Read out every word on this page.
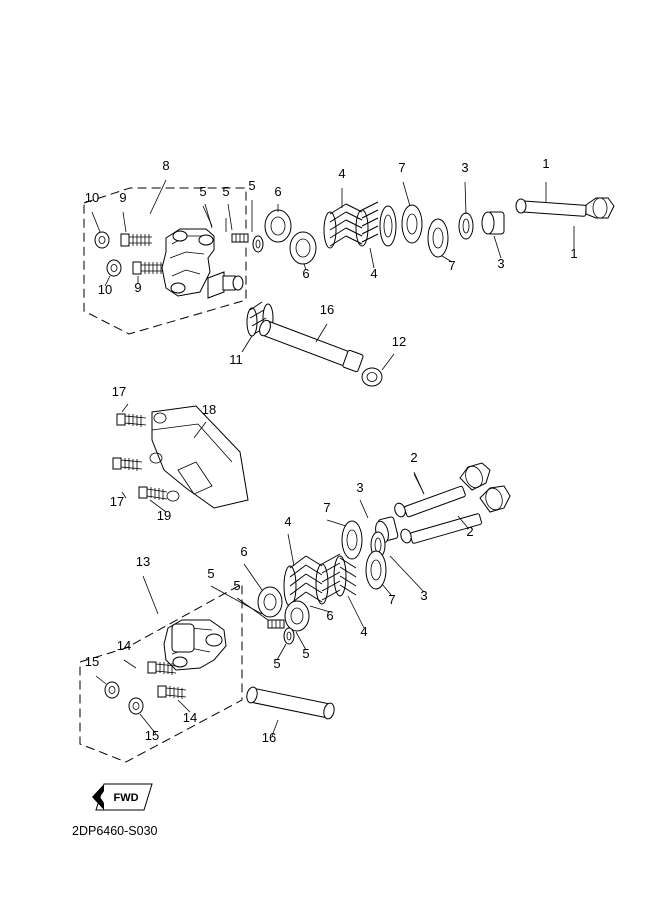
8
5 5 5 6
4	7	3	1
10 9
6	4
7	3
1
10 9
16
12
11
17
18
17
19
2
3
7
4
2
6
13
5
5
7 3
6
4
5
5
14
15
15
14
16
FWD
2DP6460-S030
